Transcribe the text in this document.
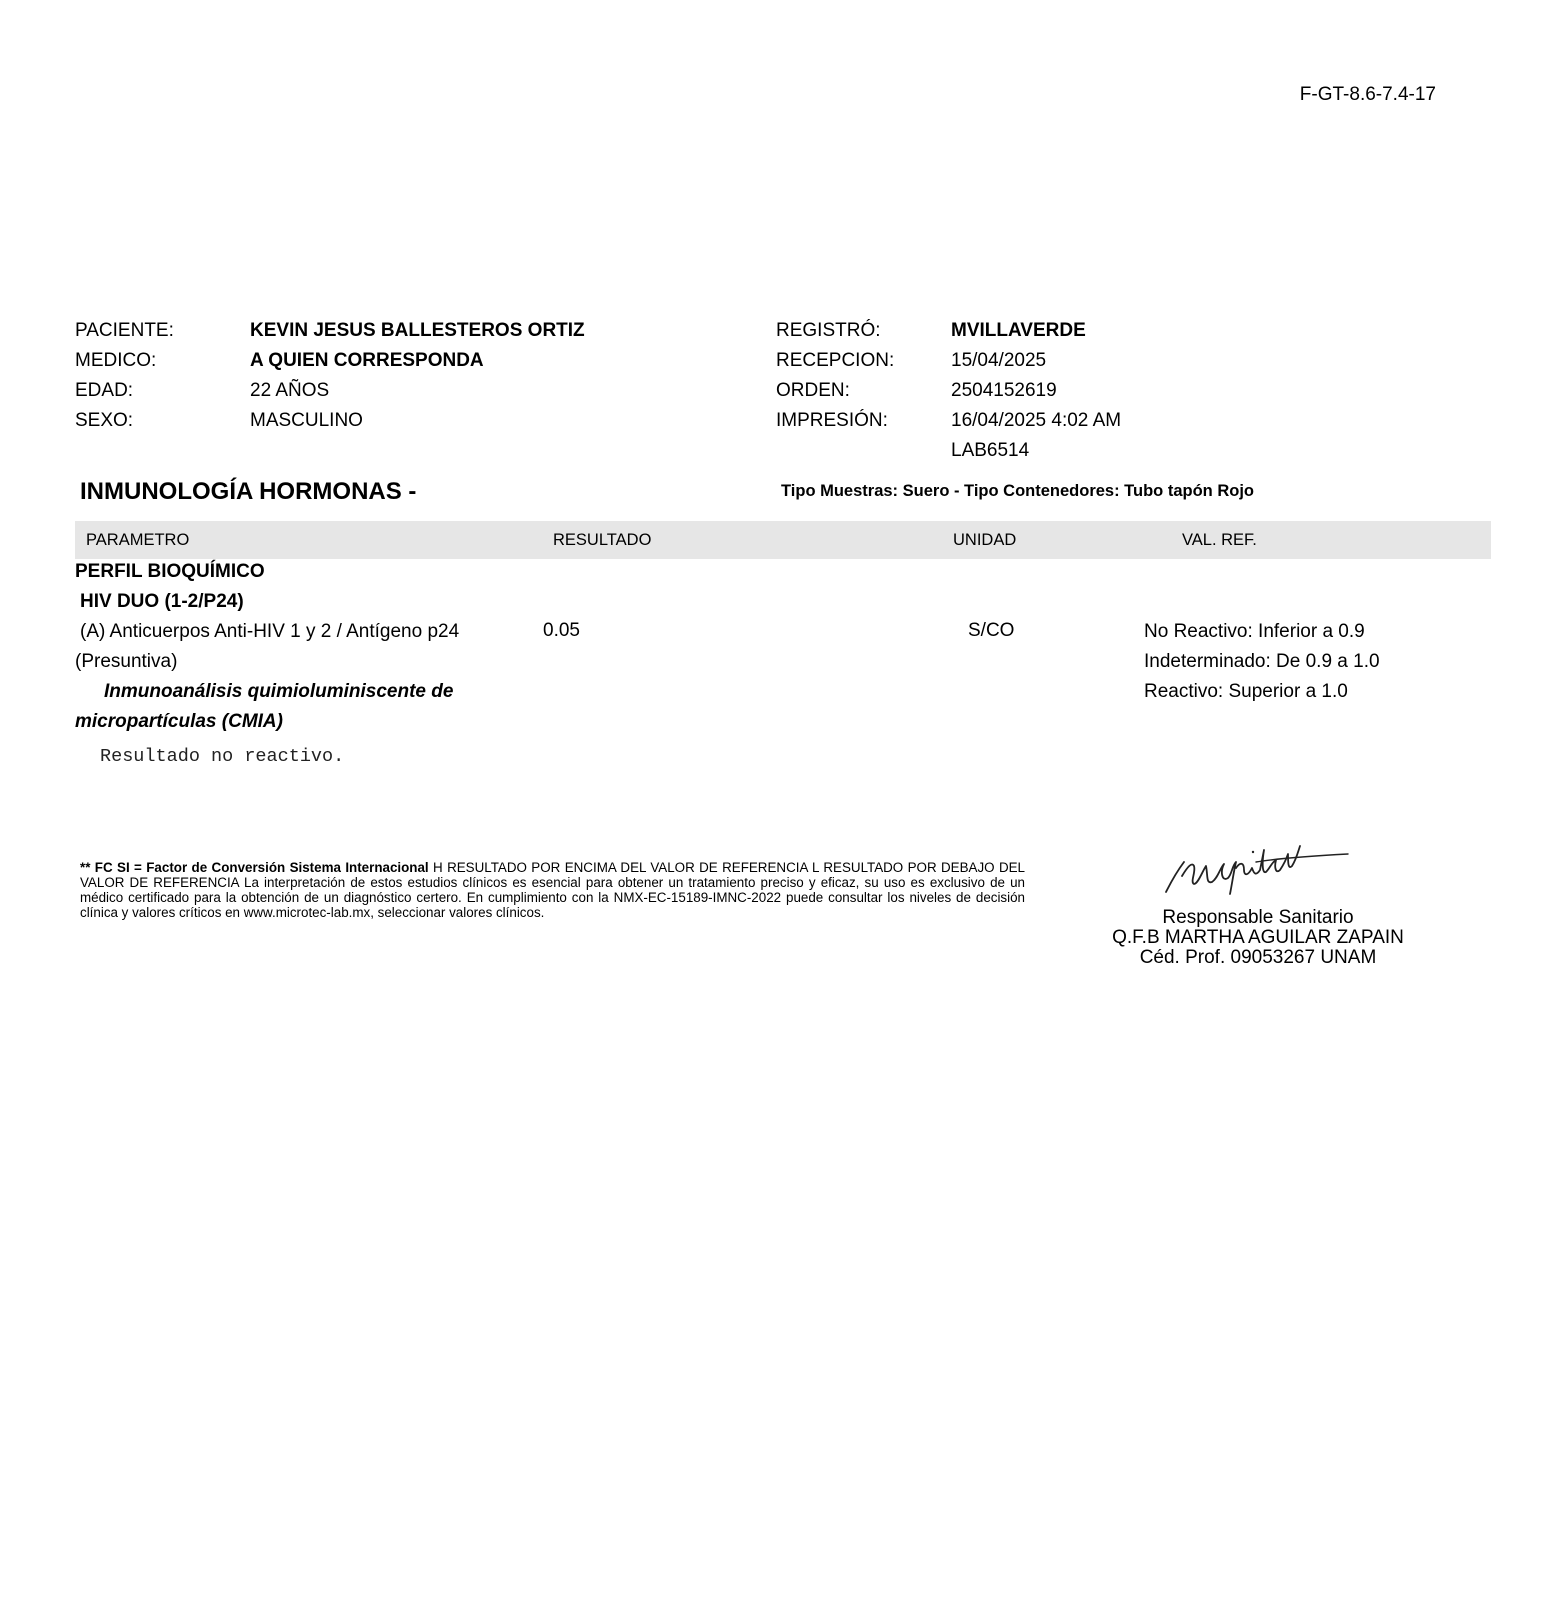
F-GT-8.6-7.4-17
PACIENTE:	KEVIN JESUS BALLESTEROS ORTIZ
MEDICO:	A QUIEN CORRESPONDA
EDAD:	22 AÑOS
SEXO:	MASCULINO
REGISTRÓ:	MVILLAVERDE
RECEPCION:	15/04/2025
ORDEN:	2504152619
IMPRESIÓN:	16/04/2025 4:02 AM
LAB6514
INMUNOLOGÍA HORMONAS -	Tipo Muestras: Suero - Tipo Contenedores: Tubo tapón Rojo
PARAMETRO	RESULTADO	UNIDAD	VAL. REF.
PERFIL BIOQUÍMICO
HIV DUO (1-2/P24)
(A) Anticuerpos Anti-HIV 1 y 2 / Antígeno p24
(Presuntiva)
Inmunoanálisis quimioluminiscente de
micropartículas (CMIA)
0.05	S/CO	No Reactivo: Inferior a 0.9
Indeterminado: De 0.9 a 1.0
Reactivo: Superior a 1.0
Resultado no reactivo.
** FC SI = Factor de Conversión Sistema Internacional H RESULTADO POR ENCIMA DEL VALOR DE REFERENCIA L RESULTADO POR DEBAJO DEL VALOR DE REFERENCIA La interpretación de estos estudios clínicos es esencial para obtener un tratamiento preciso y eficaz, su uso es exclusivo de un médico certificado para la obtención de un diagnóstico certero. En cumplimiento con la NMX-EC-15189-IMNC-2022 puede consultar los niveles de decisión clínica y valores críticos en www.microtec-lab.mx, seleccionar valores clínicos.	Responsable Sanitario
Q.F.B MARTHA AGUILAR ZAPAIN
Céd. Prof. 09053267 UNAM
